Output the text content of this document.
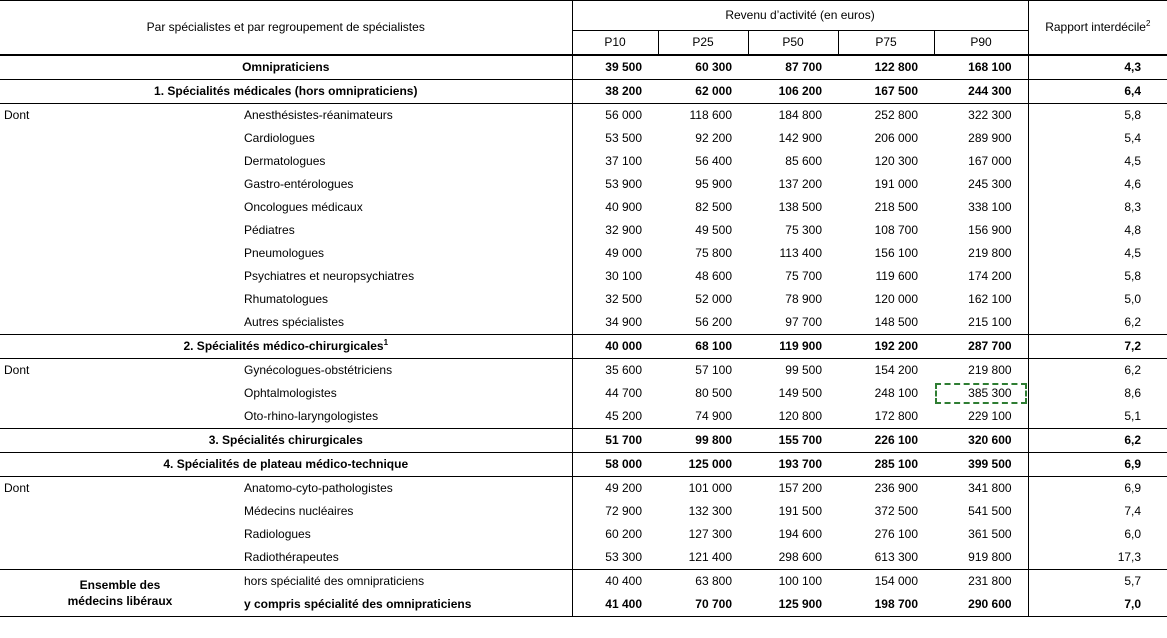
Par spécialistes et par regroupement de spécialistes		Revenu d’activité (en euros)					Rapport interdécile$^2$
		P10	P25	P50	P75	P90	
Omnipraticiens		39 500	60 300	87 700	122 800	168 100	4,3
1. Spécialités médicales (hors omnipraticiens)		38 200	62 000	106 200	167 500	244 300	6,4
Dont	Anesthésistes-réanimateurs	56 000	118 600	184 800	252 800	322 300	5,8
	Cardiologues	53 500	92 200	142 900	206 000	289 900	5,4
	Dermatologues	37 100	56 400	85 600	120 300	167 000	4,5
	Gastro-entérologues	53 900	95 900	137 200	191 000	245 300	4,6
	Oncologues médicaux	40 900	82 500	138 500	218 500	338 100	8,3
	Pédiatres	32 900	49 500	75 300	108 700	156 900	4,8
	Pneumologues	49 000	75 800	113 400	156 100	219 800	4,5
	Psychiatres et neuropsychiatres	30 100	48 600	75 700	119 600	174 200	5,8
	Rhumatologues	32 500	52 000	78 900	120 000	162 100	5,0
	Autres spécialistes	34 900	56 200	97 700	148 500	215 100	6,2
2. Spécialités médico-chirurgicales$^1$		40 000	68 100	119 900	192 200	287 700	7,2
Dont	Gynécologues-obstétriciens	35 600	57 100	99 500	154 200	219 800	6,2
	Ophtalmologistes	44 700	80 500	149 500	248 100	385 300	8,6
	Oto-rhino-laryngologistes	45 200	74 900	120 800	172 800	229 100	5,1
3. Spécialités chirurgicales		51 700	99 800	155 700	226 100	320 600	6,2
4. Spécialités de plateau médico-technique		58 000	125 000	193 700	285 100	399 500	6,9
Dont	Anatomo-cyto-pathologistes	49 200	101 000	157 200	236 900	341 800	6,9
	Médecins nucléaires	72 900	132 300	191 500	372 500	541 500	7,4
	Radiologues	60 200	127 300	194 600	276 100	361 500	6,0
	Radiothérapeutes	53 300	121 400	298 600	613 300	919 800	17,3

Ensemble des
médecins libéraux	hors spécialité des omnipraticiens	40 400	63 800	100 100	154 000	231 800	5,7
	y compris spécialité des omnipraticiens	41 400	70 700	125 900	198 700	290 600	7,0
